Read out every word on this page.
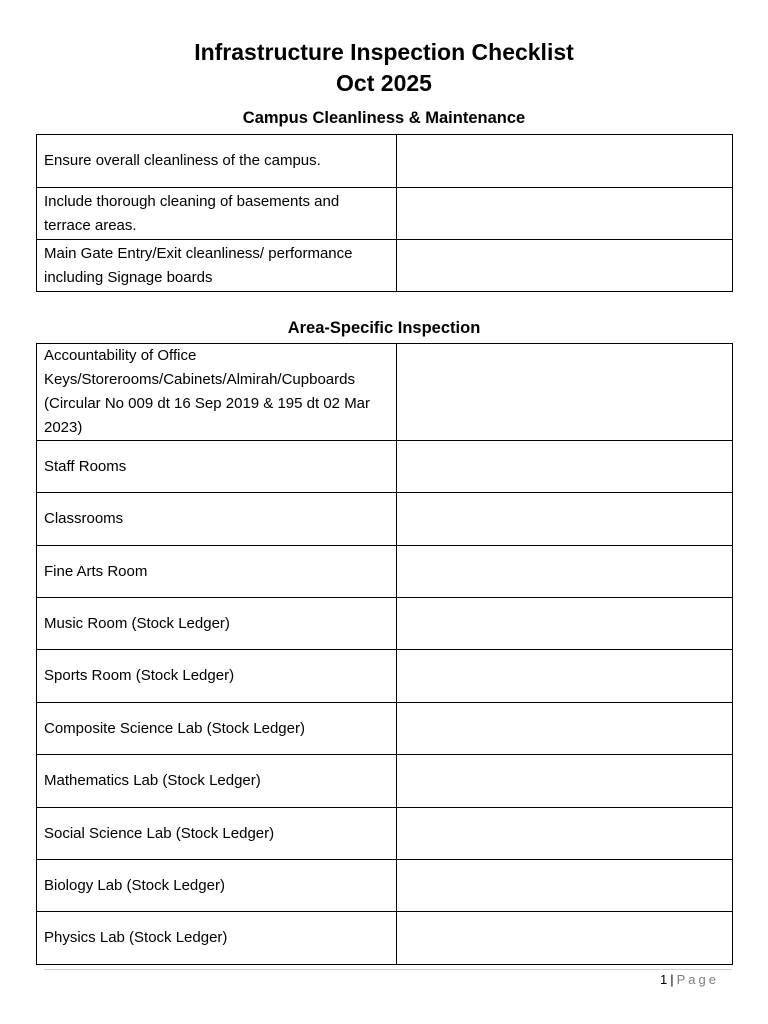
Infrastructure Inspection Checklist
Oct 2025
Campus Cleanliness & Maintenance
Ensure overall cleanliness of the campus.	
Include thorough cleaning of basements and terrace areas.	
Main Gate Entry/Exit cleanliness/ performance including Signage boards	
Area-Specific Inspection
Accountability of Office Keys/Storerooms/Cabinets/Almirah/Cupboards (Circular No 009 dt 16 Sep 2019 & 195 dt 02 Mar 2023)	
Staff Rooms	
Classrooms	
Fine Arts Room	
Music Room (Stock Ledger)	
Sports Room (Stock Ledger)	
Composite Science Lab (Stock Ledger)	
Mathematics Lab (Stock Ledger)	
Social Science Lab (Stock Ledger)	
Biology Lab (Stock Ledger)	
Physics Lab (Stock Ledger)	
1 | Page
